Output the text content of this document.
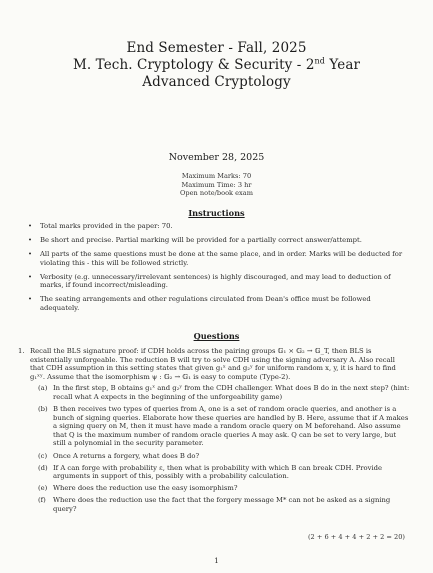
End Semester - Fall, 2025
M. Tech. Cryptology & Security - 2nd Year
Advanced Cryptology
November 28, 2025
Maximum Marks: 70
Maximum Time: 3 hr
Open note/book exam
Instructions
• Total marks provided in the paper: 70.
• Be short and precise. Partial marking will be provided for a partially correct answer/attempt.
• All parts of the same questions must be done at the same place, and in order. Marks will be deducted for violating this - this will be followed strictly.
• Verbosity (e.g. unnecessary/irrelevant sentences) is highly discouraged, and may lead to deduction of marks, if found incorrect/misleading.
• The seating arrangements and other regulations circulated from Dean's office must be followed adequately.
Questions
1. Recall the BLS signature proof: if CDH holds across the pairing groups 𝔾₁ × 𝔾₂ → 𝔾_T, then BLS is existentially unforgeable. The reduction B will try to solve CDH using the signing adversary A. Also recall that CDH assumption in this setting states that given g₁ˣ and g₂ʸ for uniform random x, y, it is hard to find g₁ˣʸ. Assume that the isomorphism ψ : 𝔾₂ → 𝔾₁ is easy to compute (Type-2).
(a) In the first step, B obtains g₁ˣ and g₂ʸ from the CDH challenger. What does B do in the next step? (hint: recall what A expects in the beginning of the unforgeability game)
(b) B then receives two types of queries from A, one is a set of random oracle queries, and another is a bunch of signing queries. Elaborate how these queries are handled by B. Here, assume that if A makes a signing query on M, then it must have made a random oracle query on M beforehand. Also assume that Q is the maximum number of random oracle queries A may ask. Q can be set to very large, but still a polynomial in the security parameter.
(c) Once A returns a forgery, what does B do?
(d) If A can forge with probability ε, then what is probability with which B can break CDH. Provide arguments in support of this, possibly with a probability calculation.
(e) Where does the reduction use the easy isomorphism?
(f) Where does the reduction use the fact that the forgery message M* can not be asked as a signing query?
(2 + 6 + 4 + 4 + 2 + 2 = 20)
1
